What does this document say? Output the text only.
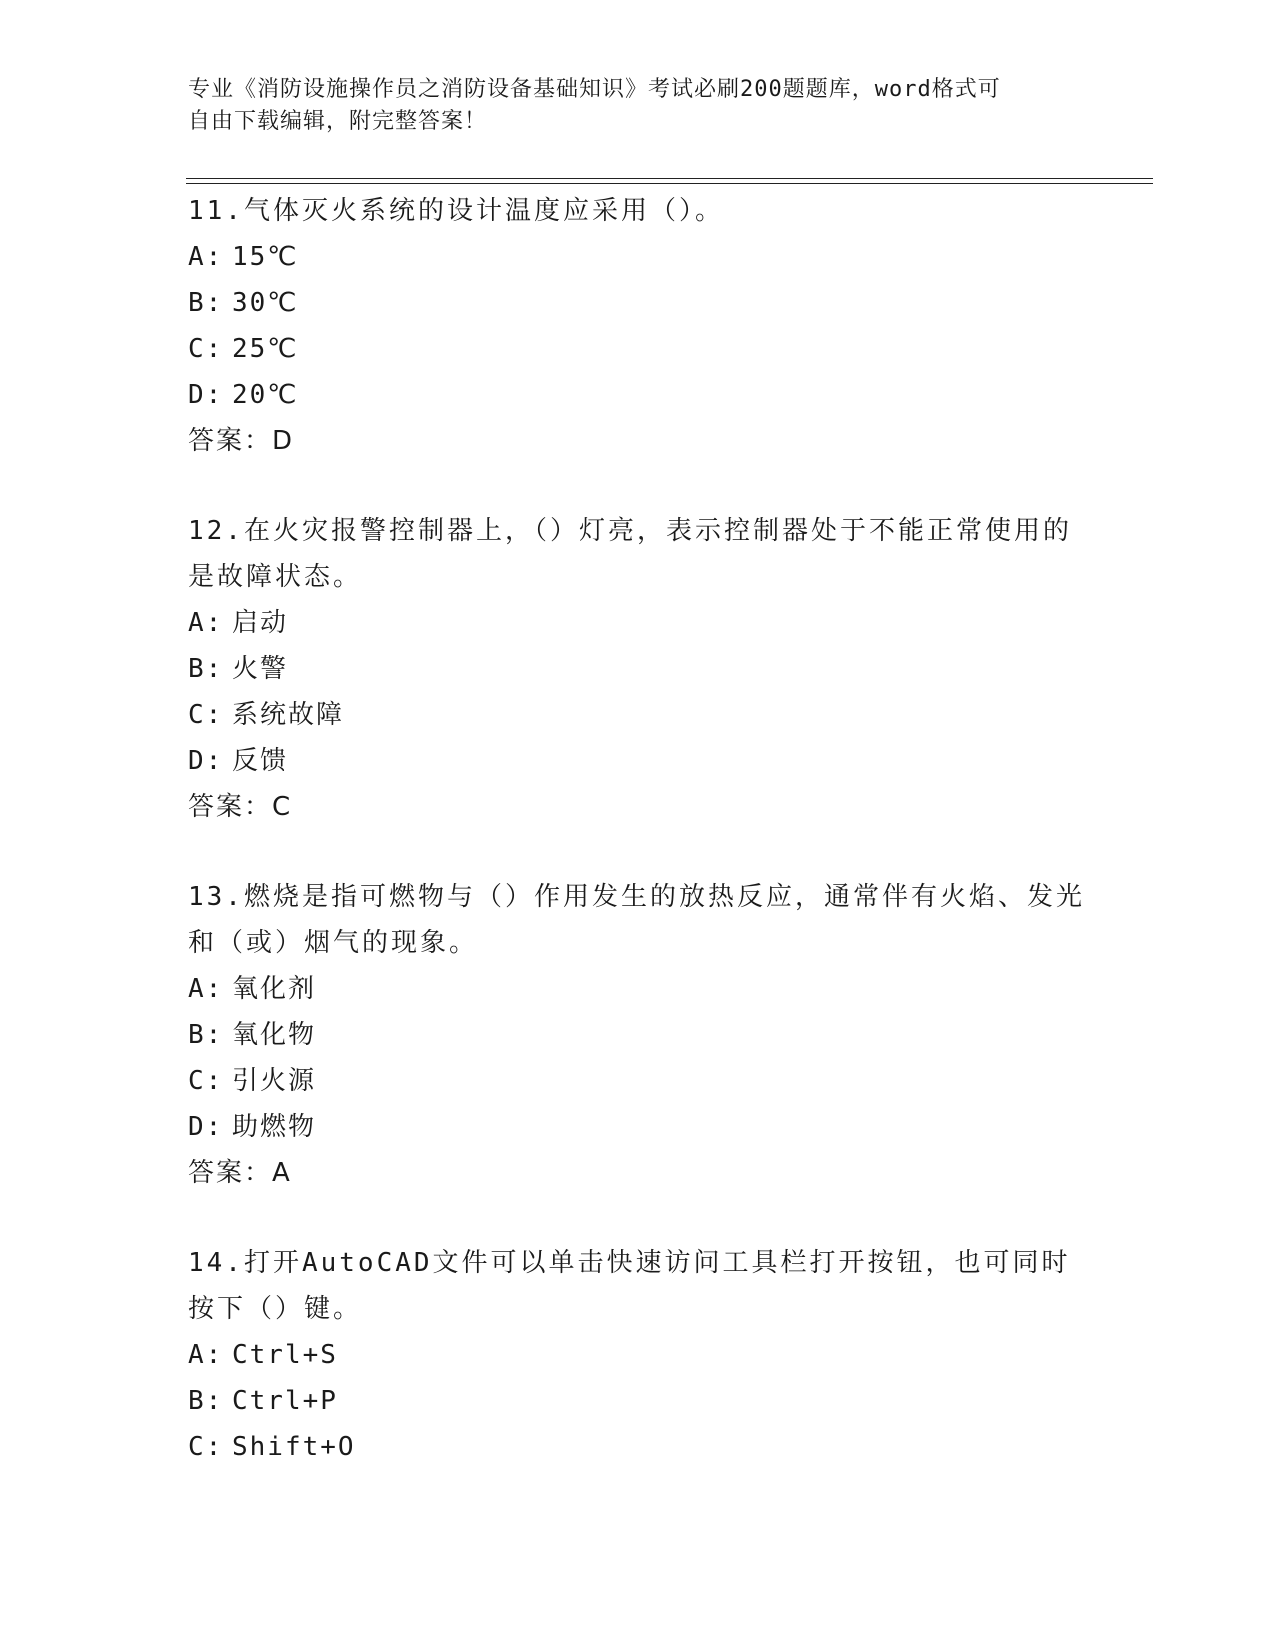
专业《消防设施操作员之消防设备基础知识》考试必刷200题题库，word格式可
自由下载编辑，附完整答案！

11.气体灭火系统的设计温度应采用（）。

A: 15℃
B: 30℃
C: 25℃
D: 20℃
答案：D

12.在火灾报警控制器上，（）灯亮，表示控制器处于不能正常使用的是故障状态。

A: 启动
B: 火警
C: 系统故障
D: 反馈
答案：C

13.燃烧是指可燃物与（）作用发生的放热反应，通常伴有火焰、发光和（或）烟气的现象。

A: 氧化剂
B: 氧化物
C: 引火源
D: 助燃物
答案：A

14.打开AutoCAD文件可以单击快速访问工具栏打开按钮，也可同时按下（）键。

A: Ctrl+S
B: Ctrl+P
C: Shift+O
